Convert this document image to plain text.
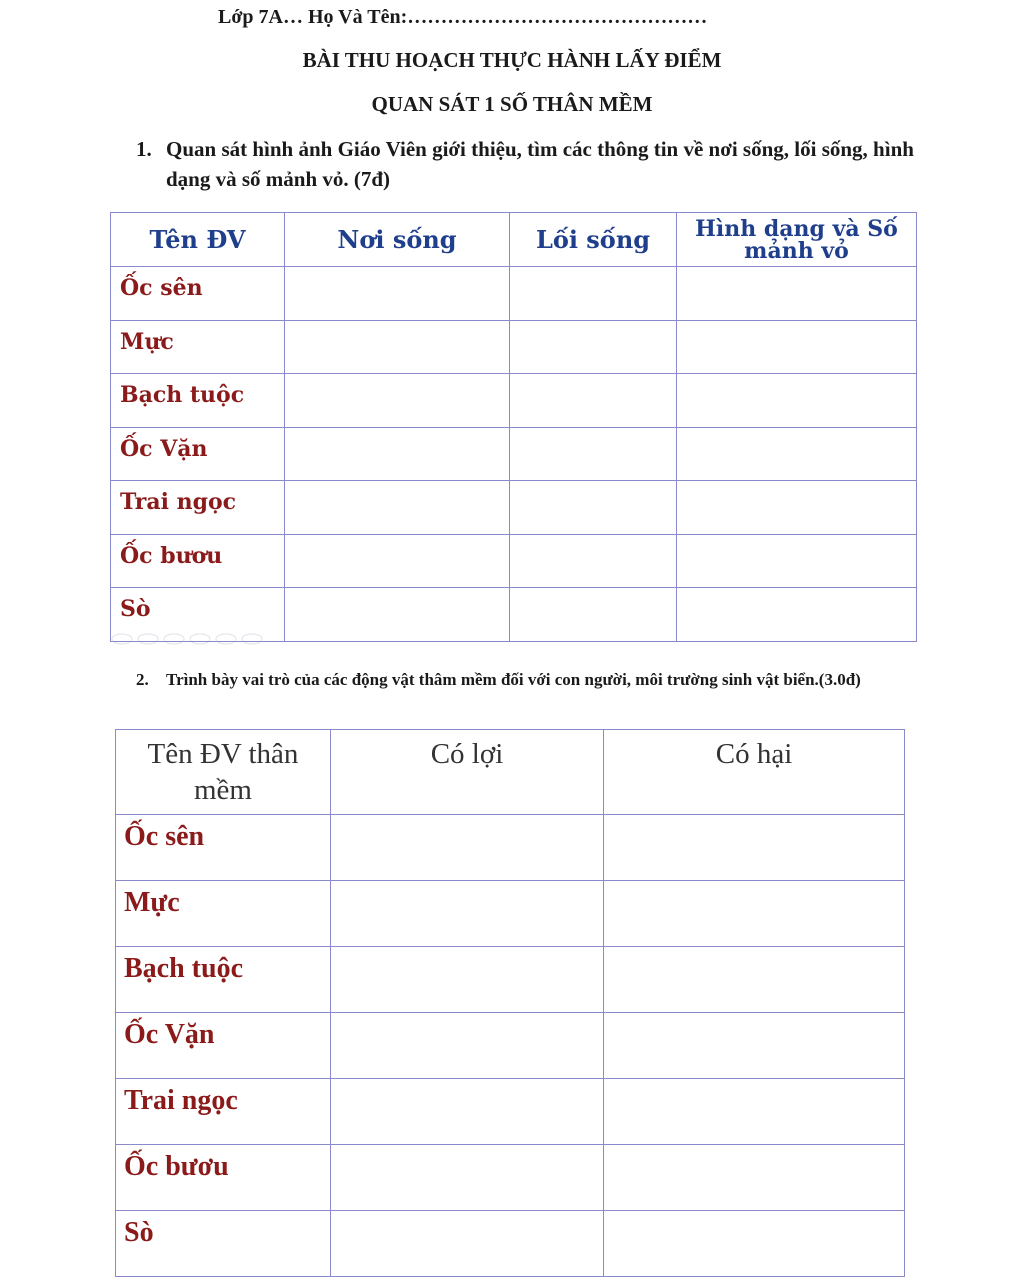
Lớp 7A… Họ Và Tên:………………………………………
BÀI THU HOẠCH THỰC HÀNH LẤY ĐIỂM
QUAN SÁT 1 SỐ THÂN MỀM
1. Quan sát hình ảnh Giáo Viên giới thiệu, tìm các thông tin về nơi sống, lối sống, hình dạng và số mảnh vỏ. (7đ)
Tên ĐV	Nơi sống	Lối sống	Hình dạng và Số mảnh vỏ
Ốc sên			
Mực			
Bạch tuộc			
Ốc Vặn			
Trai ngọc			
Ốc bươu			
Sò			
2.	Trình bày vai trò của các động vật thâm mềm đối với con người, môi trường sinh vật biển.(3.0đ)
Tên ĐV thân mềm	Có lợi	Có hại
Ốc sên		
Mực		
Bạch tuộc		
Ốc Vặn		
Trai ngọc		
Ốc bươu		
Sò		
